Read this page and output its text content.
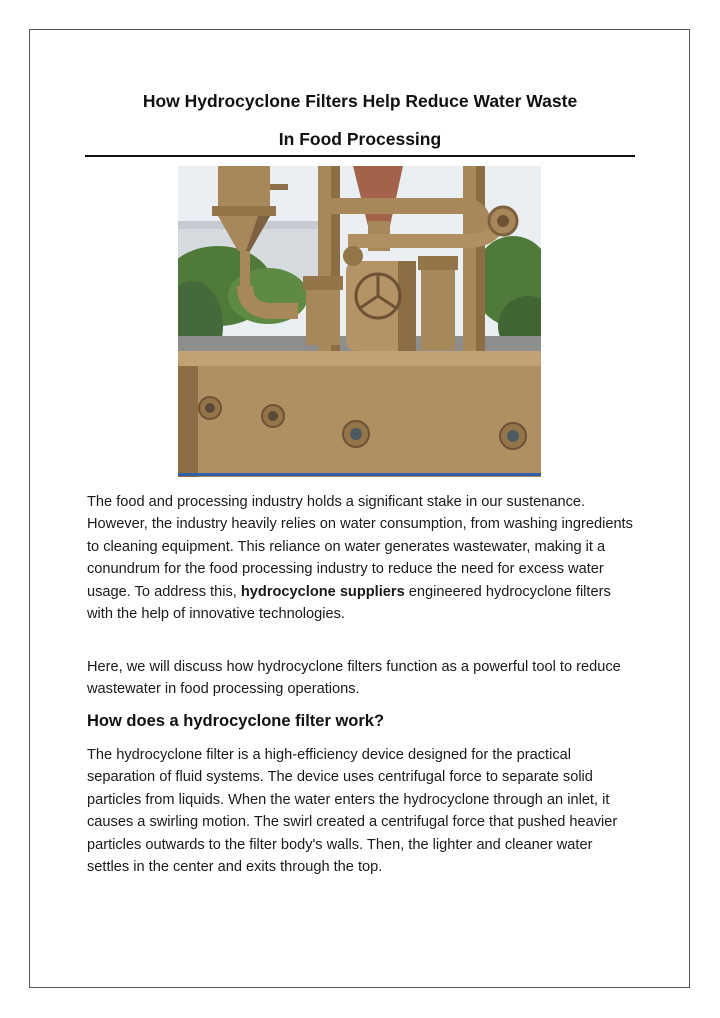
How Hydrocyclone Filters Help Reduce Water Waste
In Food Processing

The food and processing industry holds a significant stake in our sustenance. However, the industry heavily relies on water consumption, from washing ingredients to cleaning equipment. This reliance on water generates wastewater, making it a conundrum for the food processing industry to reduce the need for excess water usage. To address this, hydrocyclone suppliers engineered hydrocyclone filters with the help of innovative technologies.

Here, we will discuss how hydrocyclone filters function as a powerful tool to reduce wastewater in food processing operations.

How does a hydrocyclone filter work?

The hydrocyclone filter is a high-efficiency device designed for the practical separation of fluid systems. The device uses centrifugal force to separate solid particles from liquids. When the water enters the hydrocyclone through an inlet, it causes a swirling motion. The swirl created a centrifugal force that pushed heavier particles outwards to the filter body's walls. Then, the lighter and cleaner water settles in the center and exits through the top.
